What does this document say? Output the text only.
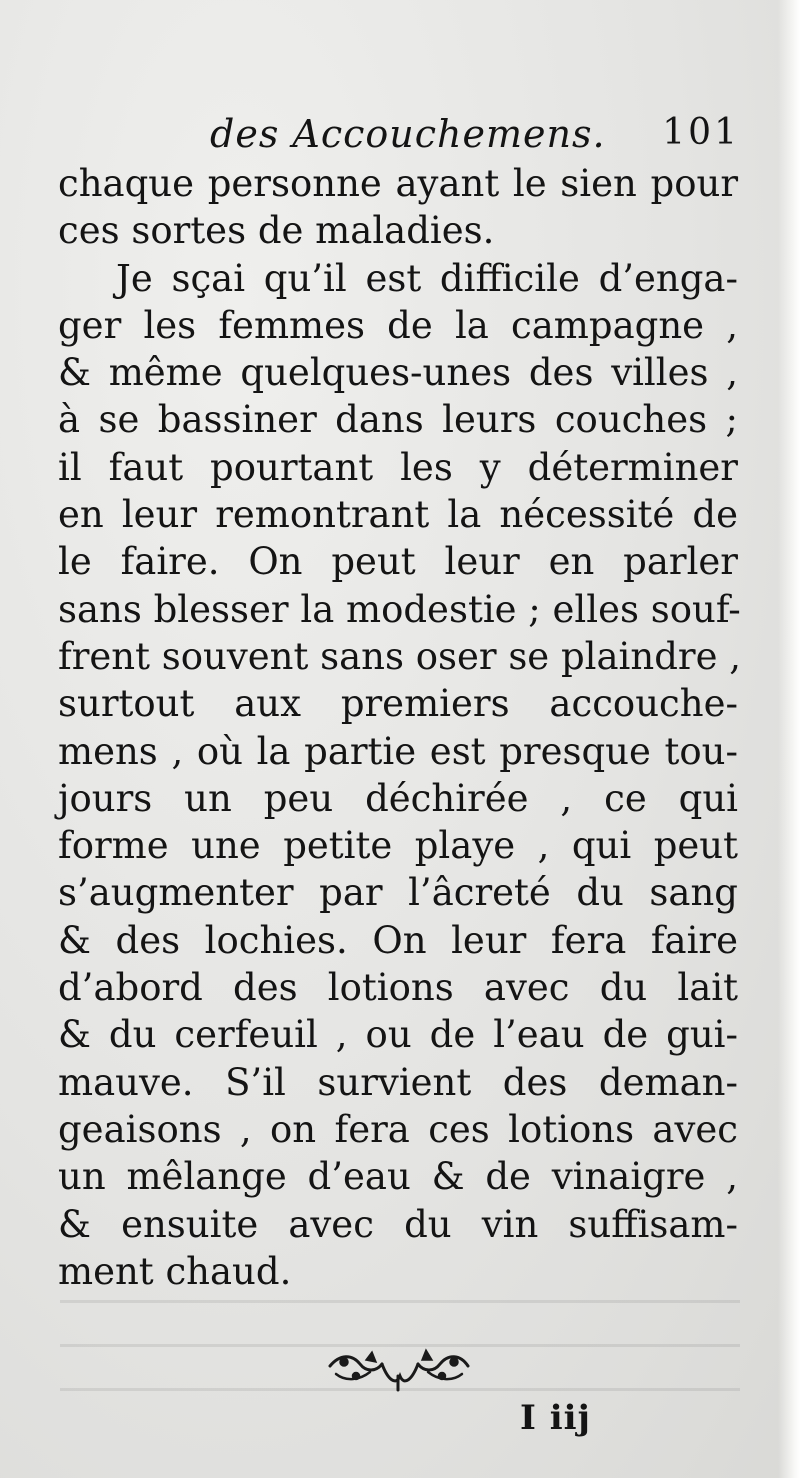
des Accouchemens. 101
chaque personne ayant le sien pour
ces sortes de maladies.
Je sçai qu’il est difficile d’enga-
ger les femmes de la campagne ,
& même quelques-unes des villes ,
à se bassiner dans leurs couches ;
il faut pourtant les y déterminer
en leur remontrant la nécessité de
le faire. On peut leur en parler
sans blesser la modestie ; elles souf-
frent souvent sans oser se plaindre ,
surtout aux premiers accouche-
mens , où la partie est presque tou-
jours un peu déchirée , ce qui
forme une petite playe , qui peut
s’augmenter par l’âcreté du sang
& des lochies. On leur fera faire
d’abord des lotions avec du lait
& du cerfeuil , ou de l’eau de gui-
mauve. S’il survient des deman-
geaisons , on fera ces lotions avec
un mêlange d’eau & de vinaigre ,
& ensuite avec du vin suffisam-
ment chaud.
I iij
